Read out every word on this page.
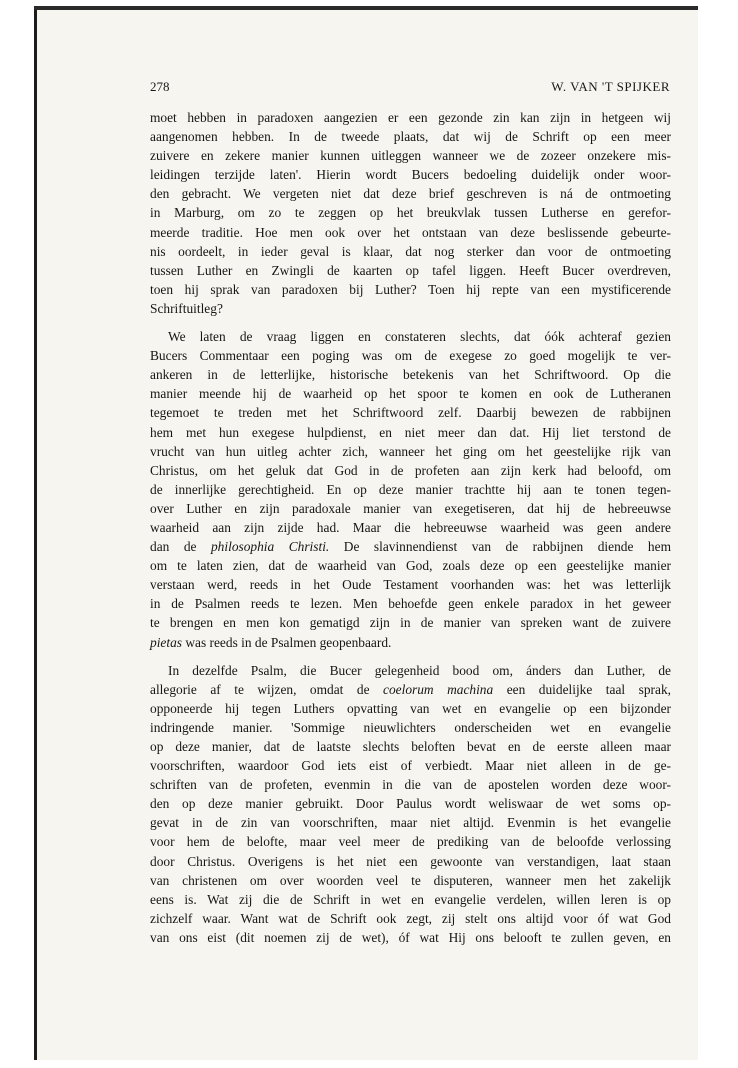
278	W. VAN 'T SPIJKER

moet hebben in paradoxen aangezien er een gezonde zin kan zijn in hetgeen wij
aangenomen hebben. In de tweede plaats, dat wij de Schrift op een meer
zuivere en zekere manier kunnen uitleggen wanneer we de zozeer onzekere mis-
leidingen terzijde laten'. Hierin wordt Bucers bedoeling duidelijk onder woor-
den gebracht. We vergeten niet dat deze brief geschreven is ná de ontmoeting
in Marburg, om zo te zeggen op het breukvlak tussen Lutherse en gerefor-
meerde traditie. Hoe men ook over het ontstaan van deze beslissende gebeurte-
nis oordeelt, in ieder geval is klaar, dat nog sterker dan voor de ontmoeting
tussen Luther en Zwingli de kaarten op tafel liggen. Heeft Bucer overdreven,
toen hij sprak van paradoxen bij Luther? Toen hij repte van een mystificerende
Schriftuitleg?

We laten de vraag liggen en constateren slechts, dat óók achteraf gezien
Bucers Commentaar een poging was om de exegese zo goed mogelijk te ver-
ankeren in de letterlijke, historische betekenis van het Schriftwoord. Op die
manier meende hij de waarheid op het spoor te komen en ook de Lutheranen
tegemoet te treden met het Schriftwoord zelf. Daarbij bewezen de rabbijnen
hem met hun exegese hulpdienst, en niet meer dan dat. Hij liet terstond de
vrucht van hun uitleg achter zich, wanneer het ging om het geestelijke rijk van
Christus, om het geluk dat God in de profeten aan zijn kerk had beloofd, om
de innerlijke gerechtigheid. En op deze manier trachtte hij aan te tonen tegen-
over Luther en zijn paradoxale manier van exegetiseren, dat hij de hebreeuwse
waarheid aan zijn zijde had. Maar die hebreeuwse waarheid was geen andere
dan de philosophia Christi. De slavinnendienst van de rabbijnen diende hem
om te laten zien, dat de waarheid van God, zoals deze op een geestelijke manier
verstaan werd, reeds in het Oude Testament voorhanden was: het was letterlijk
in de Psalmen reeds te lezen. Men behoefde geen enkele paradox in het geweer
te brengen en men kon gematigd zijn in de manier van spreken want de zuivere
pietas was reeds in de Psalmen geopenbaard.

In dezelfde Psalm, die Bucer gelegenheid bood om, ánders dan Luther, de
allegorie af te wijzen, omdat de coelorum machina een duidelijke taal sprak,
opponeerde hij tegen Luthers opvatting van wet en evangelie op een bijzonder
indringende manier. 'Sommige nieuwlichters onderscheiden wet en evangelie
op deze manier, dat de laatste slechts beloften bevat en de eerste alleen maar
voorschriften, waardoor God iets eist of verbiedt. Maar niet alleen in de ge-
schriften van de profeten, evenmin in die van de apostelen worden deze woor-
den op deze manier gebruikt. Door Paulus wordt weliswaar de wet soms op-
gevat in de zin van voorschriften, maar niet altijd. Evenmin is het evangelie
voor hem de belofte, maar veel meer de prediking van de beloofde verlossing
door Christus. Overigens is het niet een gewoonte van verstandigen, laat staan
van christenen om over woorden veel te disputeren, wanneer men het zakelijk
eens is. Wat zij die de Schrift in wet en evangelie verdelen, willen leren is op
zichzelf waar. Want wat de Schrift ook zegt, zij stelt ons altijd voor óf wat God
van ons eist (dit noemen zij de wet), óf wat Hij ons belooft te zullen geven, en
